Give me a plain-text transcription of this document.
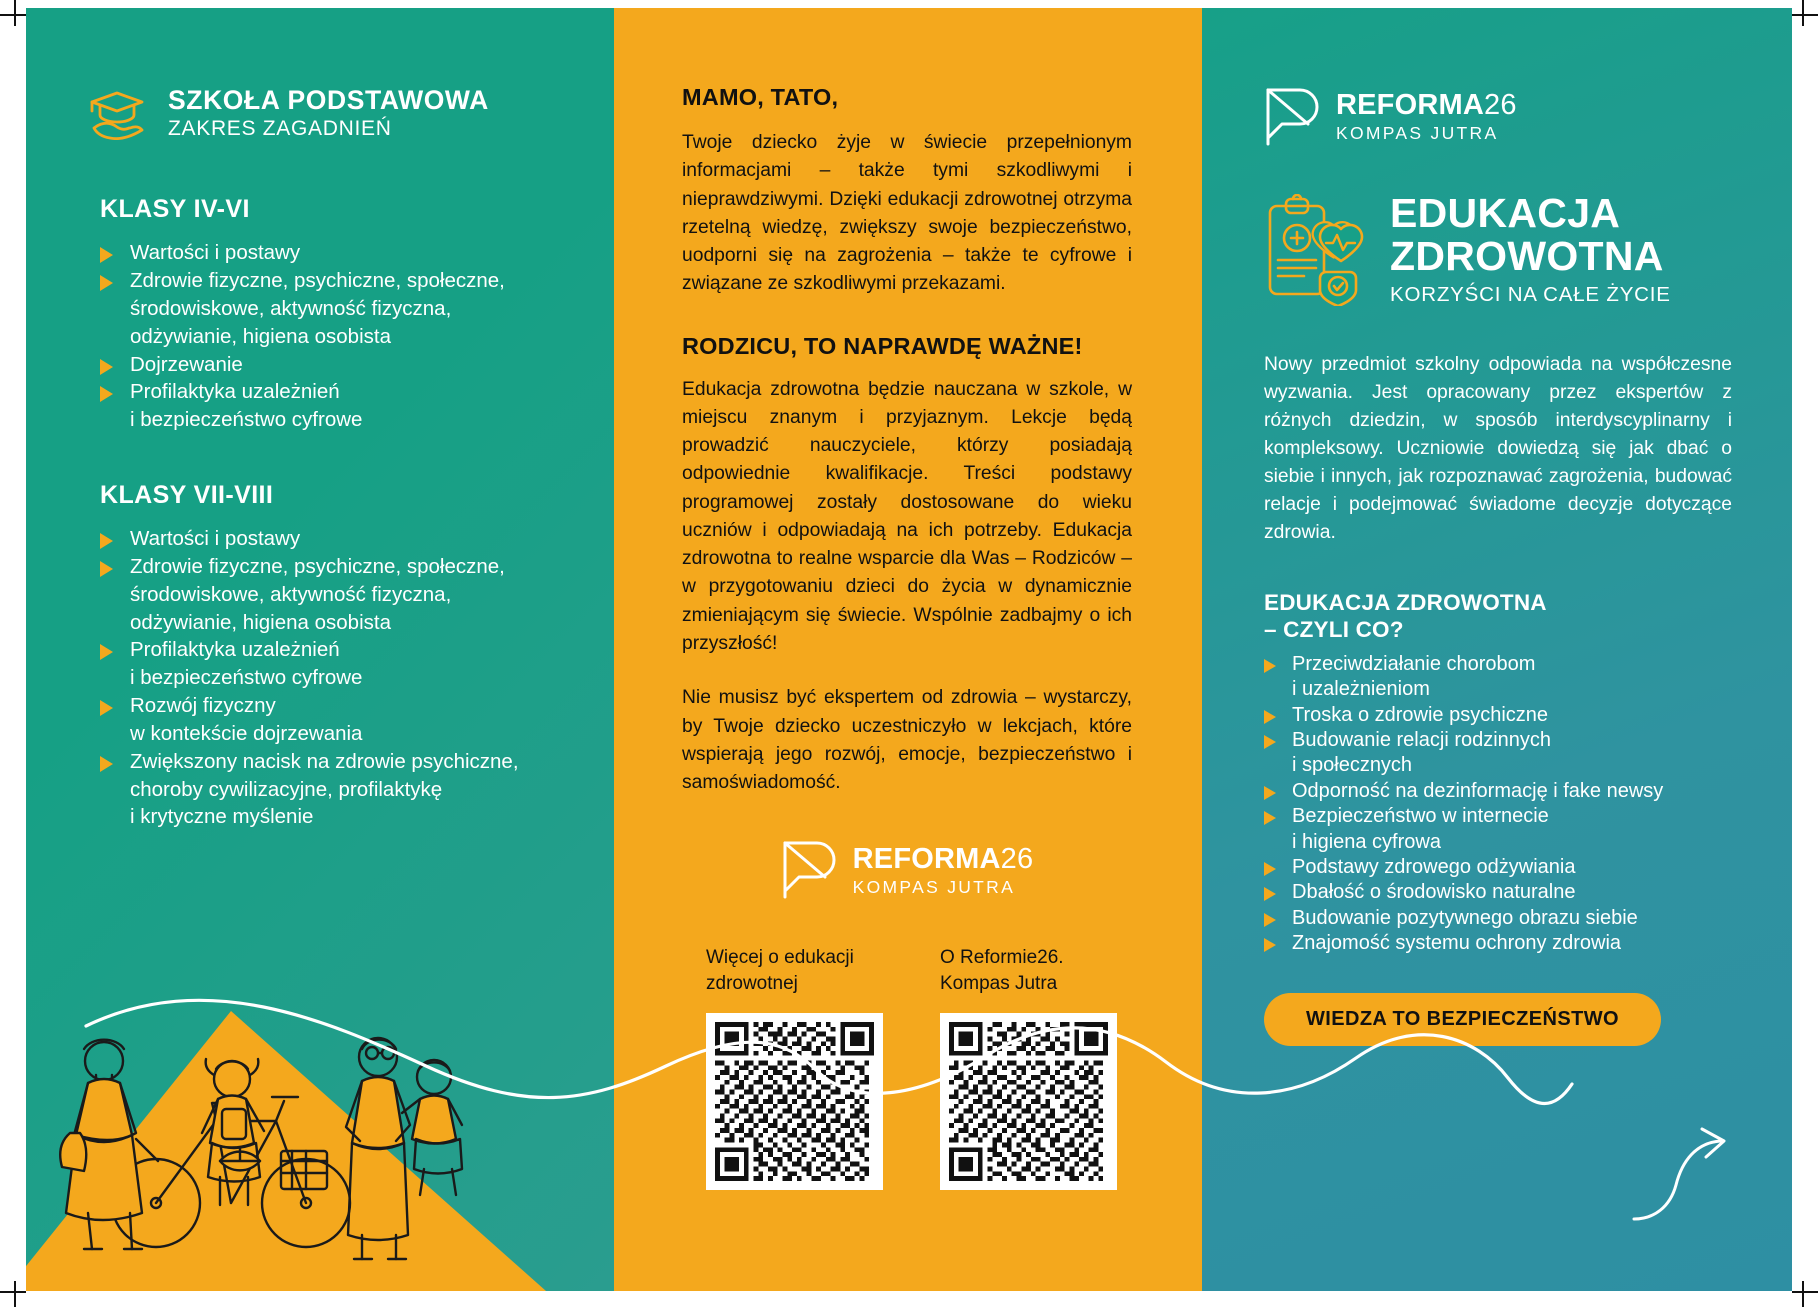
SZKOŁA PODSTAWOWA
ZAKRES ZAGADNIEŃ
KLASY IV-VI
Wartości i postawy
Zdrowie fizyczne, psychiczne, społeczne,
środowiskowe, aktywność fizyczna,
odżywianie, higiena osobista
Dojrzewanie
Profilaktyka uzależnień
i bezpieczeństwo cyfrowe
KLASY VII-VIII
Wartości i postawy
Zdrowie fizyczne, psychiczne, społeczne,
środowiskowe, aktywność fizyczna,
odżywianie, higiena osobista
Profilaktyka uzależnień
i bezpieczeństwo cyfrowe
Rozwój fizyczny
w kontekście dojrzewania
Zwiększony nacisk na zdrowie psychiczne,
choroby cywilizacyjne, profilaktykę
i krytyczne myślenie
MAMO, TATO,

Twoje dziecko żyje w świecie przepełnionym informacjami – także tymi szkodliwymi i nieprawdziwymi. Dzięki edukacji zdrowotnej otrzyma rzetelną wiedzę, zwiększy swoje bezpieczeństwo, uodporni się na zagrożenia – także te cyfrowe i związane ze szkodliwymi przekazami.

RODZICU, TO NAPRAWDĘ WAŻNE!

Edukacja zdrowotna będzie nauczana w szkole, w miejscu znanym i przyjaznym. Lekcje będą prowadzić nauczyciele, którzy posiadają odpowiednie kwalifikacje. Treści podstawy programowej zostały dostosowane do wieku uczniów i odpowiadają na ich potrzeby. Edukacja zdrowotna to realne wsparcie dla Was – Rodziców – w przygotowaniu dzieci do życia w dynamicznie zmieniającym się świecie. Wspólnie zadbajmy o ich przyszłość!

Nie musisz być ekspertem od zdrowia – wystarczy, by Twoje dziecko uczestniczyło w lekcjach, które wspierają jego rozwój, emocje, bezpieczeństwo i samoświadomość.

REFORMA26
KOMPAS JUTRA
Więcej o edukacji zdrowotnej
O Reformie26. Kompas Jutra
REFORMA26
KOMPAS JUTRA
EDUKACJA
ZDROWOTNA
KORZYŚCI NA CAŁE ŻYCIE

Nowy przedmiot szkolny odpowiada na współczesne wyzwania. Jest opracowany przez ekspertów z różnych dziedzin, w sposób interdyscyplinarny i kompleksowy. Uczniowie dowiedzą się jak dbać o siebie i innych, jak rozpoznawać zagrożenia, budować relacje i podejmować świadome decyzje dotyczące zdrowia.

EDUKACJA ZDROWOTNA
– CZYLI CO?
Przeciwdziałanie chorobom
i uzależnieniom
Troska o zdrowie psychiczne
Budowanie relacji rodzinnych
i społecznych
Odporność na dezinformację i fake newsy
Bezpieczeństwo w internecie
i higiena cyfrowa
Podstawy zdrowego odżywiania
Dbałość o środowisko naturalne
Budowanie pozytywnego obrazu siebie
Znajomość systemu ochrony zdrowia
WIEDZA TO BEZPIECZEŃSTWO
